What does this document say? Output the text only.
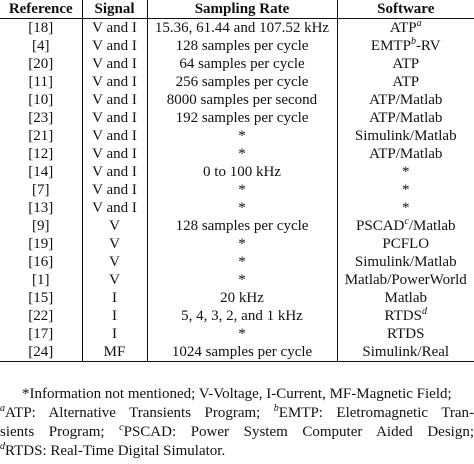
Reference	Signal	Sampling Rate	Software
[18]	V and I	15.36, 61.44 and 107.52 kHz	ATP$^a$
[4]	V and I	128 samples per cycle	EMTP$^b$-RV
[20]	V and I	64 samples per cycle	ATP
[11]	V and I	256 samples per cycle	ATP
[10]	V and I	8000 samples per second	ATP/Matlab
[23]	V and I	192 samples per cycle	ATP/Matlab
[21]	V and I	*	Simulink/Matlab
[12]	V and I	*	ATP/Matlab
[14]	V and I	0 to 100 kHz	*
[7]	V and I	*	*
[13]	V and I	*	*
[9]	V	128 samples per cycle	PSCAD$^c$/Matlab
[19]	V	*	PCFLO
[16]	V	*	Simulink/Matlab
[1]	V	*	Matlab/PowerWorld
[15]	I	20 kHz	Matlab
[22]	I	5, 4, 3, 2, and 1 kHz	RTDS$^d$
[17]	I	*	RTDS
[24]	MF	1024 samples per cycle	Simulink/Real
*Information not mentioned; V-Voltage, I-Current, MF-Magnetic Field;
$^a$ATP: Alternative Transients Program; $^b$EMTP: Eletromagnetic Tran-
sients Program; $^c$PSCAD: Power System Computer Aided Design;
$^d$RTDS: Real-Time Digital Simulator.
